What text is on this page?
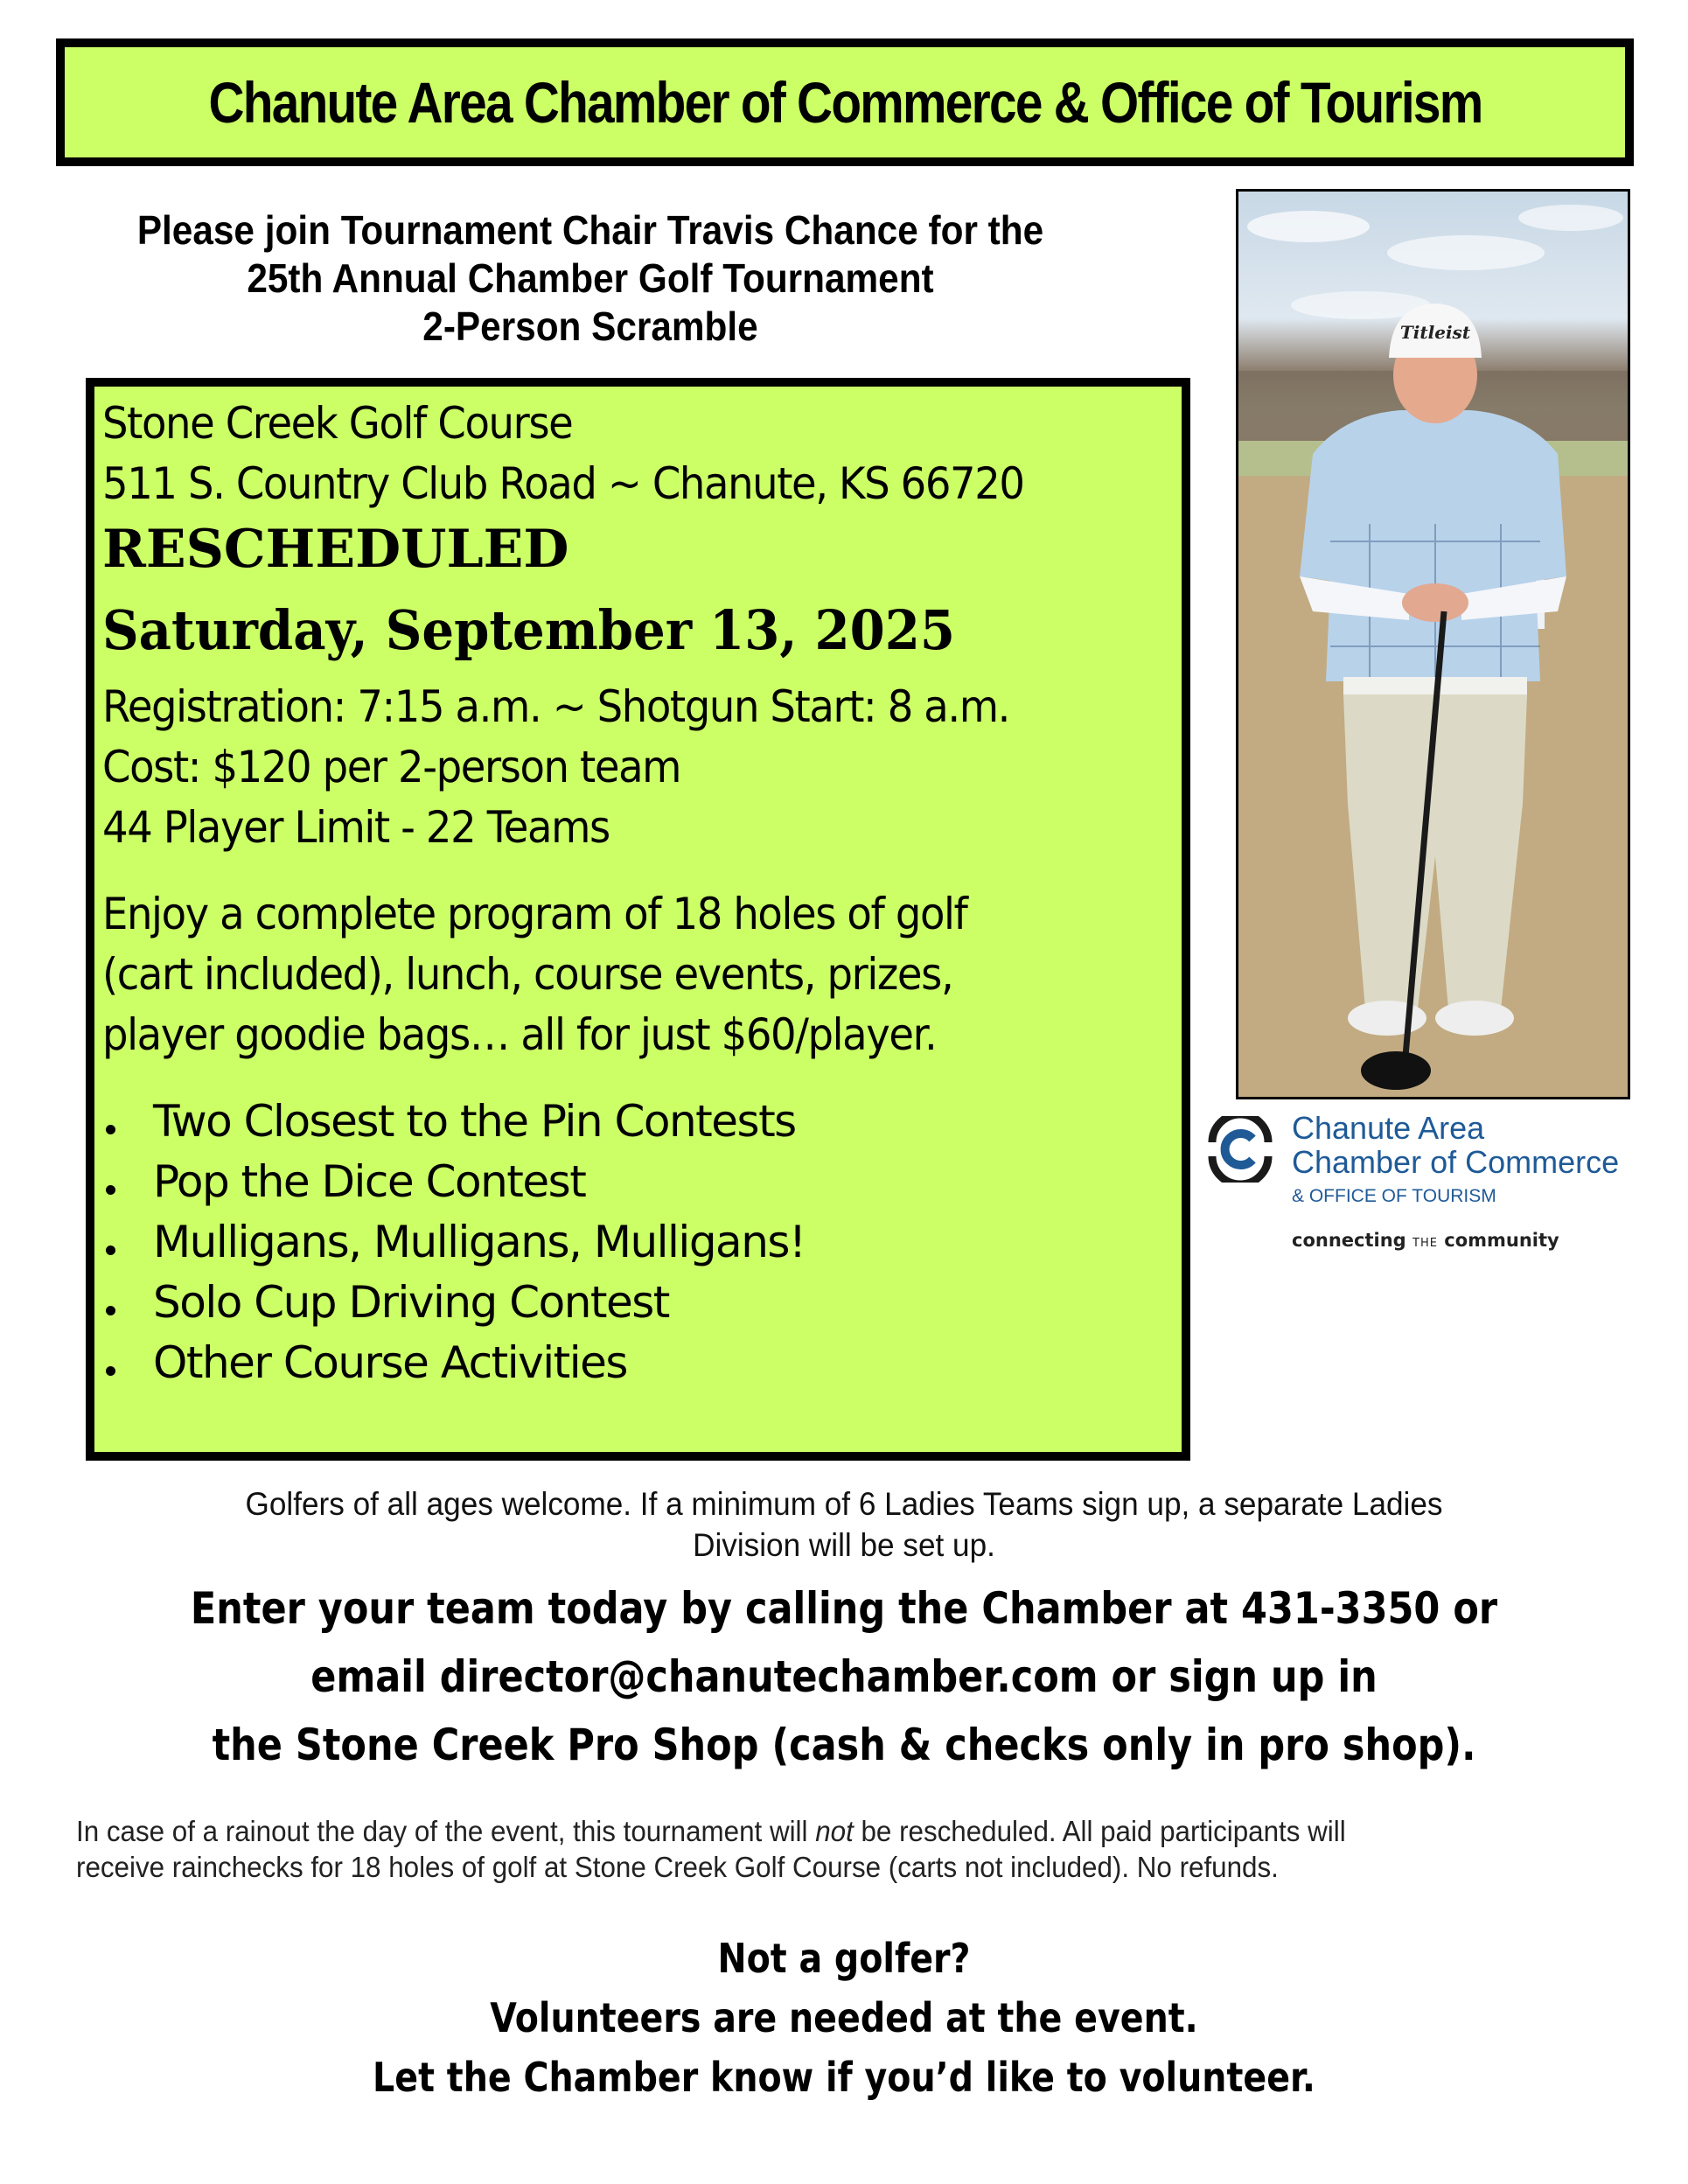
Chanute Area Chamber of Commerce & Office of Tourism
Please join Tournament Chair Travis Chance for the
25th Annual Chamber Golf Tournament
2-Person Scramble
Stone Creek Golf Course
511 S. Country Club Road ~ Chanute, KS 66720
RESCHEDULED
Saturday, September 13, 2025
Registration: 7:15 a.m. ~ Shotgun Start: 8 a.m.
Cost: $120 per 2-person team
44 Player Limit - 22 Teams
Enjoy a complete program of 18 holes of golf
(cart included), lunch, course events, prizes,
player goodie bags… all for just $60/player.
Two Closest to the Pin Contests
Pop the Dice Contest
Mulligans, Mulligans, Mulligans!
Solo Cup Driving Contest
Other Course Activities
Titleist
Chanute Area
Chamber of Commerce
& OFFICE OF TOURISM
connecting THE community
Golfers of all ages welcome. If a minimum of 6 Ladies Teams sign up, a separate Ladies
Division will be set up.
Enter your team today by calling the Chamber at 431-3350 or
email director@chanutechamber.com or sign up in
the Stone Creek Pro Shop (cash & checks only in pro shop).
In case of a rainout the day of the event, this tournament will not be rescheduled. All paid participants will
receive rainchecks for 18 holes of golf at Stone Creek Golf Course (carts not included). No refunds.
Not a golfer?
Volunteers are needed at the event.
Let the Chamber know if you’d like to volunteer.
